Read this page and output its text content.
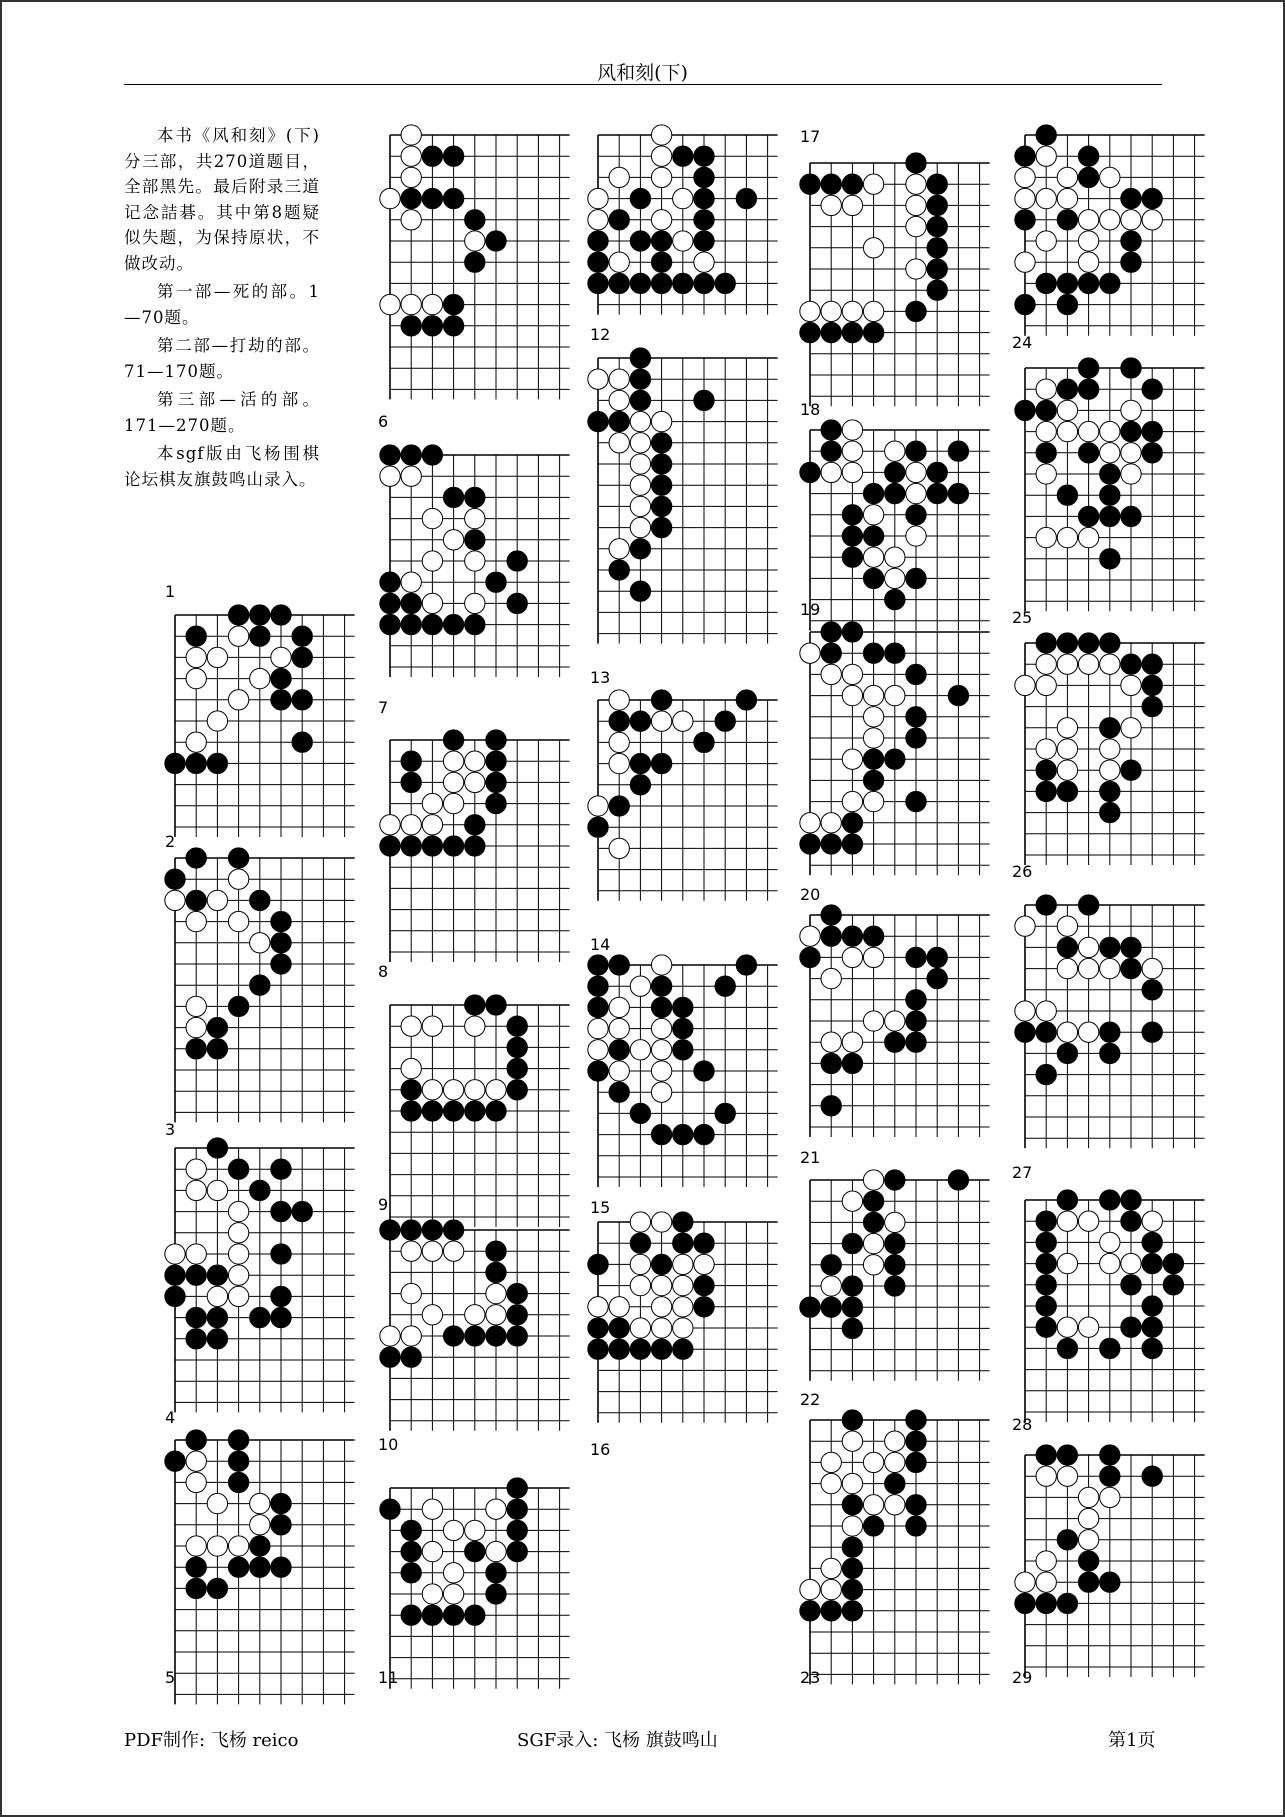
风和刻(下)

本书《风和刻》(下)分三部，共270道题目，全部黑先。最后附录三道记念詰碁。其中第8题疑似失题，为保持原状，不做改动。

第一部—死的部。1—70题。

第二部—打劫的部。71—170题。

第三部—活的部。171—270题。

本sgf版由飞杨围棋论坛棋友旗鼓鸣山录入。

1
2
3
4
6
7
8
9
10
11
12
13
14
15
16
5
17
18
19
20
21
22
23
24
25
26
27
28
29
PDF制作: 飞杨 reico	SGF录入: 飞杨 旗鼓鸣山	第1页
